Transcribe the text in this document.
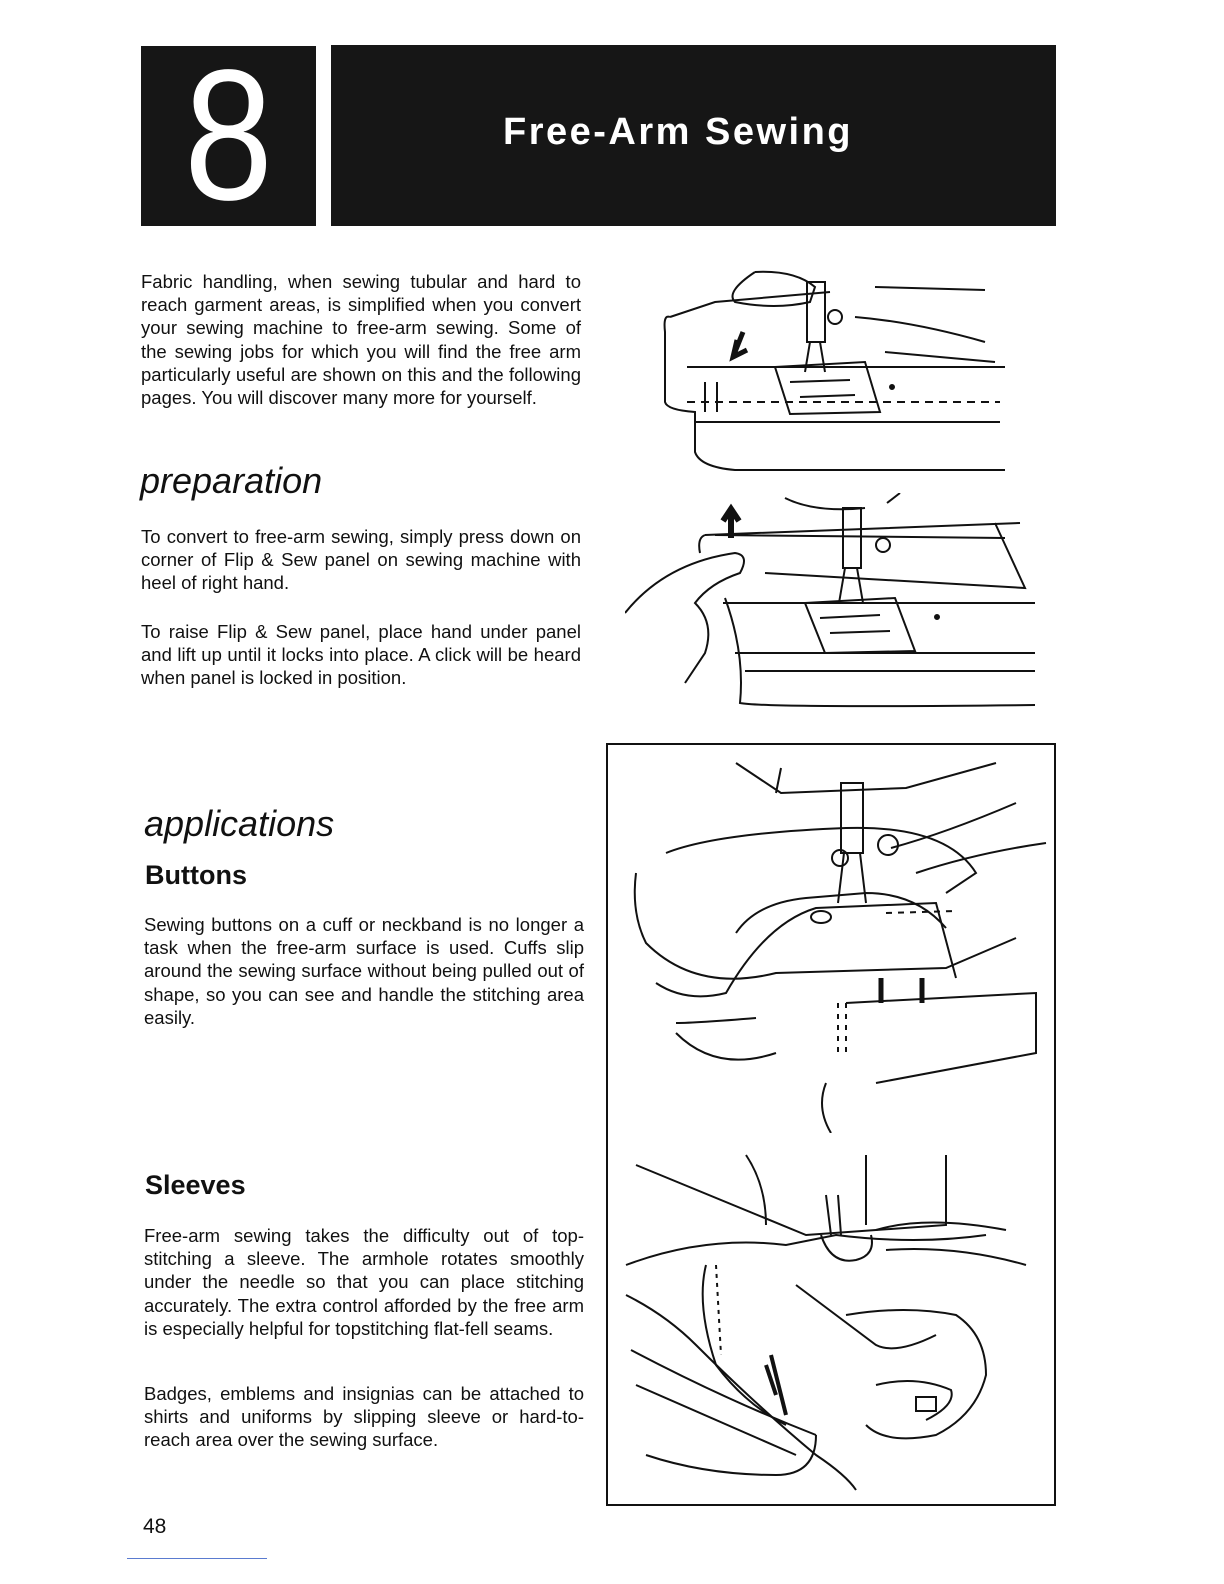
8	Free-Arm Sewing
Fabric handling, when sewing tubular and hard to reach garment areas, is simplified when you convert your sewing machine to free-arm sewing. Some of the sewing jobs for which you will find the free arm particularly useful are shown on this and the following pages. You will discover many more for yourself.
preparation
To convert to free-arm sewing, simply press down on corner of Flip & Sew panel on sewing machine with heel of right hand.
To raise Flip & Sew panel, place hand under panel and lift up until it locks into place. A click will be heard when panel is locked in position.
applications
Buttons
Sewing buttons on a cuff or neckband is no longer a task when the free-arm surface is used. Cuffs slip around the sewing surface without being pulled out of shape, so you can see and handle the stitching area easily.
Sleeves
Free-arm sewing takes the difficulty out of top-stitching a sleeve. The armhole rotates smoothly under the needle so that you can place stitching accurately. The extra control afforded by the free arm is especially helpful for topstitching flat-fell seams.
Badges, emblems and insignias can be attached to shirts and uniforms by slipping sleeve or hard-to-reach area over the sewing surface.
48
